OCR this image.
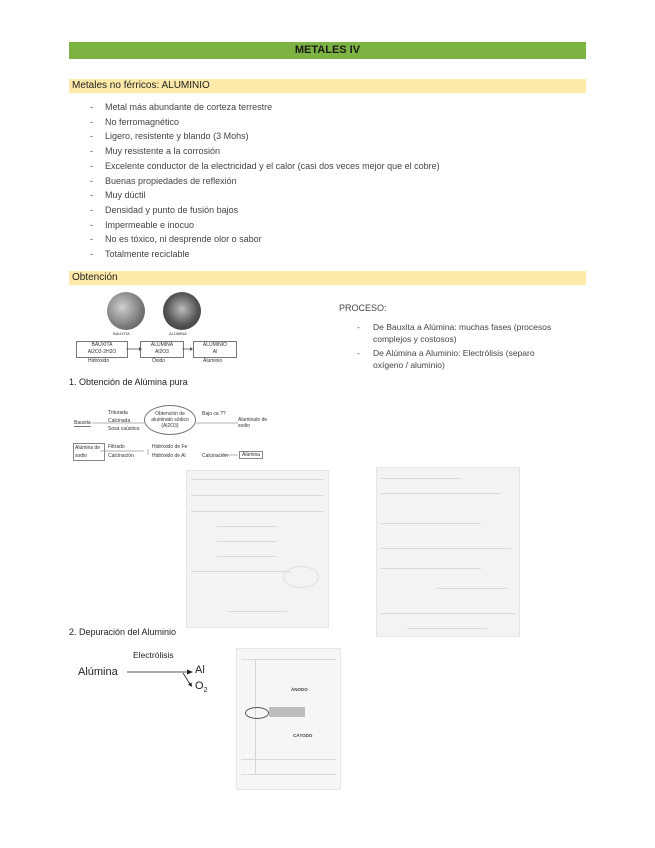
METALES IV
Metales no férricos: ALUMINIO
- Metal más abundante de corteza terrestre
- No ferromagnético
- Ligero, resistente y blando (3 Mohs)
- Muy resistente a la corrosión
- Excelente conductor de la electricidad y el calor (casi dos veces mejor que el cobre)
- Buenas propiedades de reflexión
- Muy dúctil
- Densidad y punto de fusión bajos
- Impermeable e inocuo
- No es tóxico, ni desprende olor o sabor
- Totalmente reciclable
Obtención
BAUXITA	ALÚMINA
BAUXITA
Al2O3·2H2O
ALÚMINA
Al2O3
ALUMINIO
Al
Hidróxido	Óxido	Aluminio
PROCESO:
- De Bauxita a Alúmina: muchas fases (procesos complejos y costosos)
- De Alúmina a Aluminio: Electrólisis (separo oxígeno / aluminio)
1. Obtención de Alúmina pura
Bauxita
Triturada
Calcinada
Sosa caústica
Obtención de aluminato sódico (Al2O3)
Bajo ca ??
Aluminato de sodio
Alúmina de sodio
Filtrado
Calcinación
Hidróxido de Fe
Hidróxido de Al	Calcinación	Alúmina
2. Depuración del Aluminio
Electrólisis
Alúmina	Al
$O_2$	ÁNODO
CÁTODO
